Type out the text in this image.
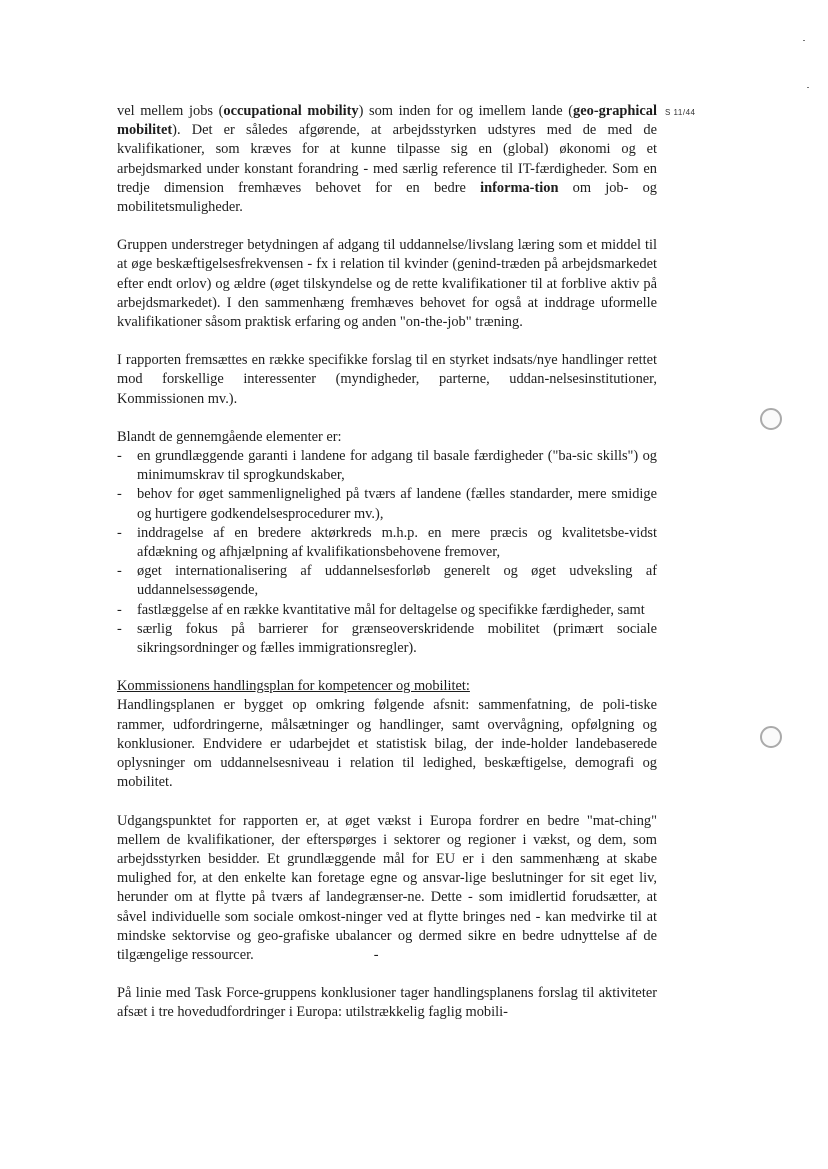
S 11/44

vel mellem jobs (occupational mobility) som inden for og imellem lande (geo-graphical mobilitet). Det er således afgørende, at arbejdsstyrken udstyres med de med de kvalifikationer, som kræves for at kunne tilpasse sig en (global) økonomi og et arbejdsmarked under konstant forandring - med særlig reference til IT-færdigheder. Som en tredje dimension fremhæves behovet for en bedre informa-tion om job- og mobilitetsmuligheder.

Gruppen understreger betydningen af adgang til uddannelse/livslang læring som et middel til at øge beskæftigelsesfrekvensen - fx i relation til kvinder (genind-træden på arbejdsmarkedet efter endt orlov) og ældre (øget tilskyndelse og de rette kvalifikationer til at forblive aktiv på arbejdsmarkedet). I den sammenhæng fremhæves behovet for også at inddrage uformelle kvalifikationer såsom praktisk erfaring og anden "on-the-job" træning.

I rapporten fremsættes en række specifikke forslag til en styrket indsats/nye handlinger rettet mod forskellige interessenter (myndigheder, parterne, uddan-nelsesinstitutioner, Kommissionen mv.).

Blandt de gennemgående elementer er:

- en grundlæggende garanti i landene for adgang til basale færdigheder ("ba-sic skills") og minimumskrav til sprogkundskaber,
- behov for øget sammenlignelighed på tværs af landene (fælles standarder, mere smidige og hurtigere godkendelsesprocedurer mv.),
- inddragelse af en bredere aktørkreds m.h.p. en mere præcis og kvalitetsbe-vidst afdækning og afhjælpning af kvalifikationsbehovene fremover,
- øget internationalisering af uddannelsesforløb generelt og øget udveksling af uddannelsessøgende,
- fastlæggelse af en række kvantitative mål for deltagelse og specifikke færdigheder, samt
- særlig fokus på barrierer for grænseoverskridende mobilitet (primært sociale sikringsordninger og fælles immigrationsregler).

Kommissionens handlingsplan for kompetencer og mobilitet:

Handlingsplanen er bygget op omkring følgende afsnit: sammenfatning, de poli-tiske rammer, udfordringerne, målsætninger og handlinger, samt overvågning, opfølgning og konklusioner. Endvidere er udarbejdet et statistisk bilag, der inde-holder landebaserede oplysninger om uddannelsesniveau i relation til ledighed, beskæftigelse, demografi og mobilitet.

Udgangspunktet for rapporten er, at øget vækst i Europa fordrer en bedre "mat-ching" mellem de kvalifikationer, der efterspørges i sektorer og regioner i vækst, og dem, som arbejdsstyrken besidder. Et grundlæggende mål for EU er i den sammenhæng at skabe mulighed for, at den enkelte kan foretage egne og ansvar-lige beslutninger for sit eget liv, herunder om at flytte på tværs af landegrænser-ne. Dette - som imidlertid forudsætter, at såvel individuelle som sociale omkost-ninger ved at flytte bringes ned - kan medvirke til at mindske sektorvise og geo-grafiske ubalancer og dermed sikre en bedre udnyttelse af de tilgængelige ressourcer.	-

På linie med Task Force-gruppens konklusioner tager handlingsplanens forslag til aktiviteter afsæt i tre hovedudfordringer i Europa: utilstrækkelig faglig mobili-
